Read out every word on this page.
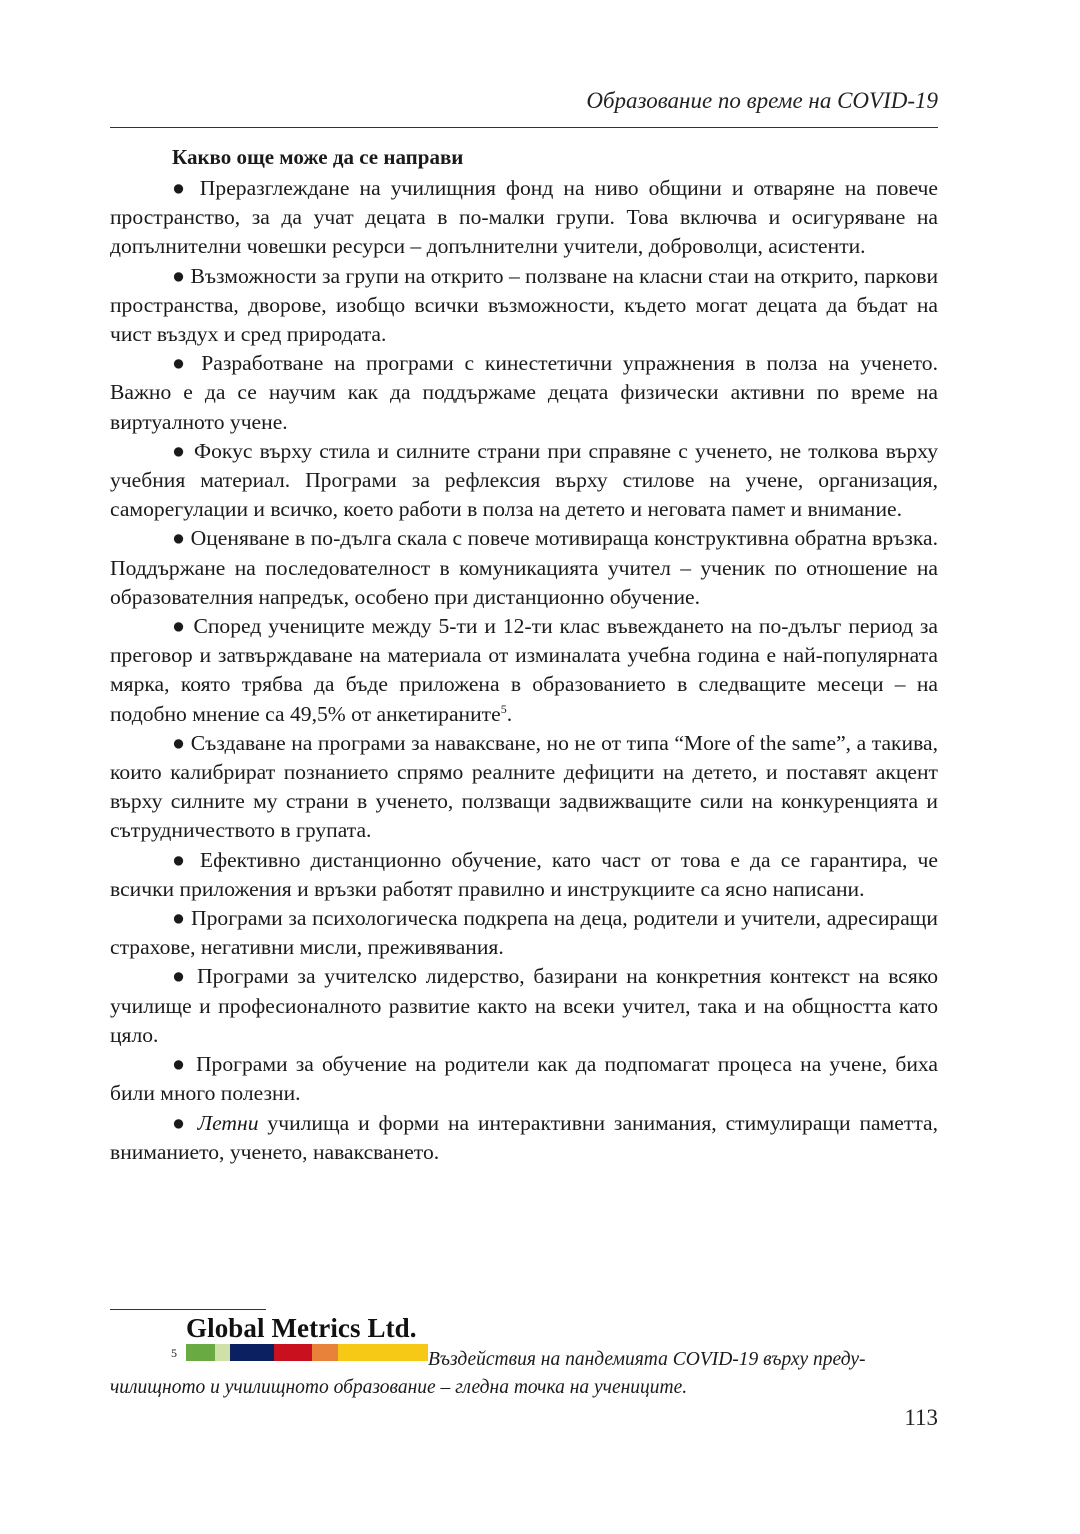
Образование по време на COVID-19
Какво още може да се направи

● Преразглеждане на училищния фонд на ниво общини и отваряне на повече пространство, за да учат децата в по-малки групи. Това включва и осигуряване на допълнителни човешки ресурси – допълнителни учители, доброволци, асистенти.

● Възможности за групи на открито – ползване на класни стаи на открито, паркови пространства, дворове, изобщо всички възможности, където могат децата да бъдат на чист въздух и сред природата.

● Разработване на програми с кинестетични упражнения в полза на ученето. Важно е да се научим как да поддържаме децата физически активни по време на виртуалното учене.

● Фокус върху стила и силните страни при справяне с ученето, не толкова върху учебния материал. Програми за рефлексия върху стилове на учене, организация, саморегулации и всичко, което работи в полза на детето и неговата памет и внимание.

● Оценяване в по-дълга скала с повече мотивираща конструктивна обратна връзка. Поддържане на последователност в комуникацията учител – ученик по отношение на образователния напредък, особено при дистанционно обучение.

● Според учениците между 5-ти и 12-ти клас въвеждането на по-дълъг период за преговор и затвърждаване на материала от изминалата учебна година е най-популярната мярка, която трябва да бъде приложена в образованието в следващите месеци – на подобно мнение са 49,5% от анкетираните$^5$.

● Създаване на програми за наваксване, но не от типа “More of the same”, а такива, които калибрират познанието спрямо реалните дефицити на детето, и поставят акцент върху силните му страни в ученето, ползващи задвижващите сили на конкуренцията и сътрудничеството в групата.

● Ефективно дистанционно обучение, като част от това е да се гарантира, че всички приложения и връзки работят правилно и инструкциите са ясно написани.

● Програми за психологическа подкрепа на деца, родители и учители, адресиращи страхове, негативни мисли, преживявания.

● Програми за учителско лидерство, базирани на конкретния контекст на всяко училище и професионалното развитие както на всеки учител, така и на общността като цяло.

● Програми за обучение на родители как да подпомагат процеса на учене, биха били много полезни.

● Летни училища и форми на интерактивни занимания, стимулиращи паметта, вниманието, ученето, наваксването.

Global Metrics Ltd.
5	Въздействия на пандемията COVID-19 върху предучилищното и училищното образование – гледна точка на учениците.
113
